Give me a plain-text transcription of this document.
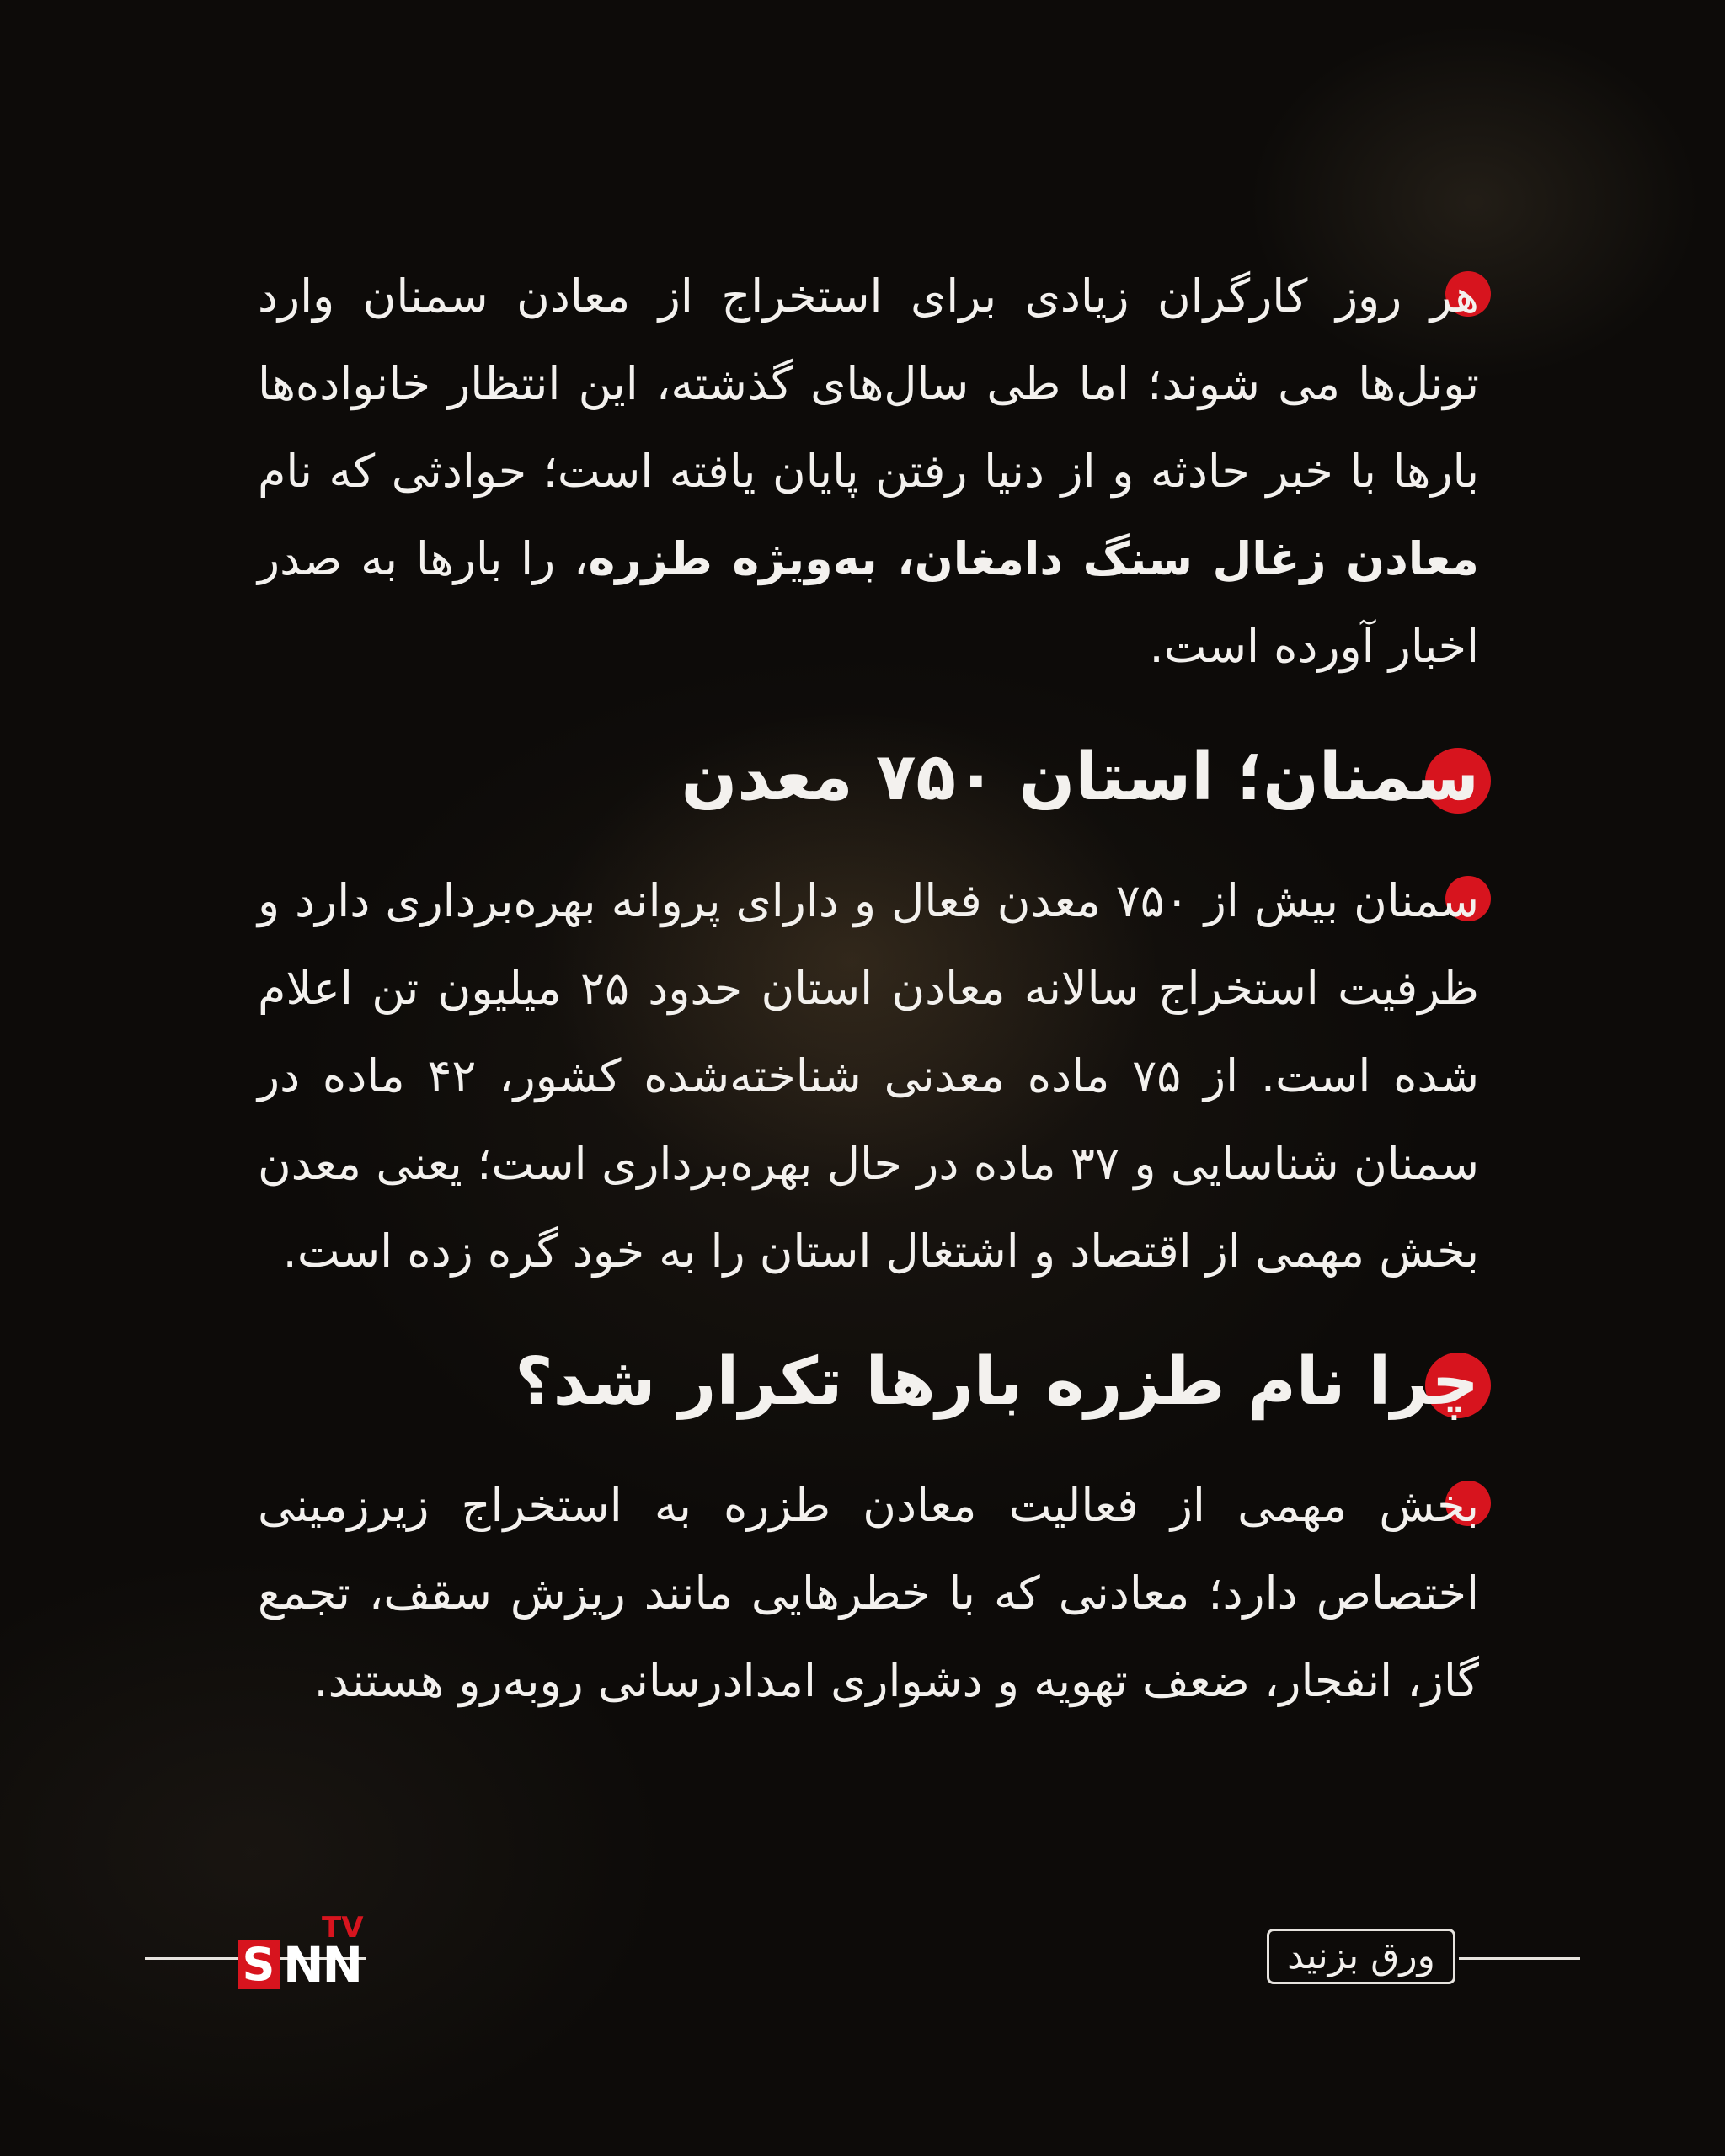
هر روز کارگران زیادی برای استخراج از معادن سمنان وارد تونل‌ها می شوند؛ اما طی سال‌های گذشته، این انتظار خانواده‌ها بارها با خبر حادثه و از دنیا رفتن پایان یافته است؛ حوادثی که نام معادن زغال سنگ دامغان، به‌ویژه طزره، را بارها به صدر اخبار آورده است.

سمنان؛ استان ۷۵۰ معدن

سمنان بیش از ۷۵۰ معدن فعال و دارای پروانه بهره‌برداری دارد و ظرفیت استخراج سالانه معادن استان حدود ۲۵ میلیون تن اعلام شده است. از ۷۵ ماده معدنی شناخته‌شده کشور، ۴۲ ماده در سمنان شناسایی و ۳۷ ماده در حال بهره‌برداری است؛ یعنی معدن بخش مهمی از اقتصاد و اشتغال استان را به خود گره زده است.

چرا نام طزره بارها تکرار شد؟

بخش مهمی از فعالیت معادن طزره به استخراج زیرزمینی اختصاص دارد؛ معادنی که با خطرهایی مانند ریزش سقف، تجمع گاز، انفجار، ضعف تهویه و دشواری امدادرسانی روبه‌رو هستند.

S NN
TV
ورق بزنید
